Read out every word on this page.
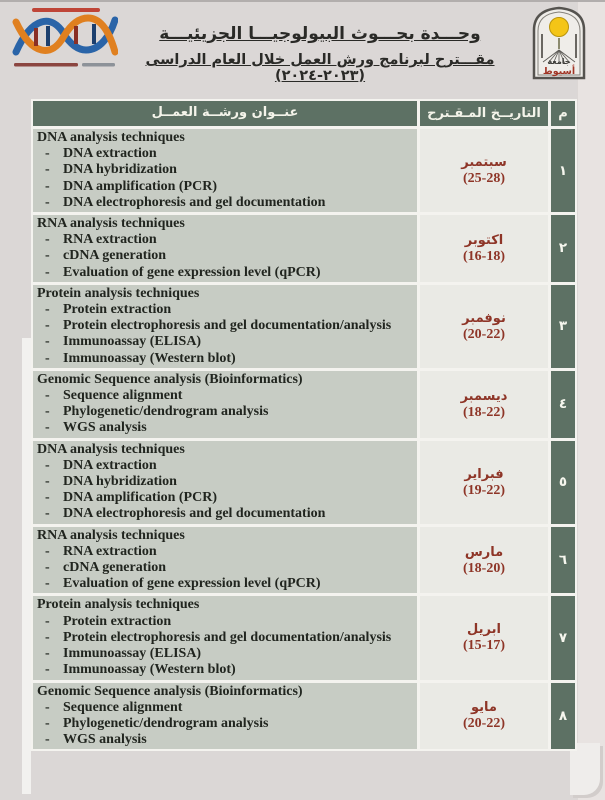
وحـــدة بحـــوث البيولوجيـــا الجزيئيـــة
مقـــترح لبرنامج ورش العمل خلال العام الدراسى (٢٠٢٣-٢٠٢٤)
جامعة
أسيوط
م
التاريــخ المـقـترح
عنــوان ورشــة العمــل
١
سبتمبر
(25-28)
DNA analysis techniques
- DNA extraction
- DNA hybridization
- DNA amplification (PCR)
- DNA electrophoresis and gel documentation
٢
اكتوبر
(16-18)
RNA analysis techniques
- RNA extraction
- cDNA generation
- Evaluation of gene expression level (qPCR)
٣
نوفمبر
(20-22)
Protein analysis techniques
- Protein extraction
- Protein electrophoresis and gel documentation/analysis
- Immunoassay (ELISA)
- Immunoassay (Western blot)
٤
ديسمبر
(18-22)
Genomic Sequence analysis (Bioinformatics)
- Sequence alignment
- Phylogenetic/dendrogram analysis
- WGS analysis
٥
فبراير
(19-22)
DNA analysis techniques
- DNA extraction
- DNA hybridization
- DNA amplification (PCR)
- DNA electrophoresis and gel documentation
٦
مارس
(18-20)
RNA analysis techniques
- RNA extraction
- cDNA generation
- Evaluation of gene expression level (qPCR)
٧
ابريل
(15-17)
Protein analysis techniques
- Protein extraction
- Protein electrophoresis and gel documentation/analysis
- Immunoassay (ELISA)
- Immunoassay (Western blot)
٨
مايو
(20-22)
Genomic Sequence analysis (Bioinformatics)
- Sequence alignment
- Phylogenetic/dendrogram analysis
- WGS analysis
